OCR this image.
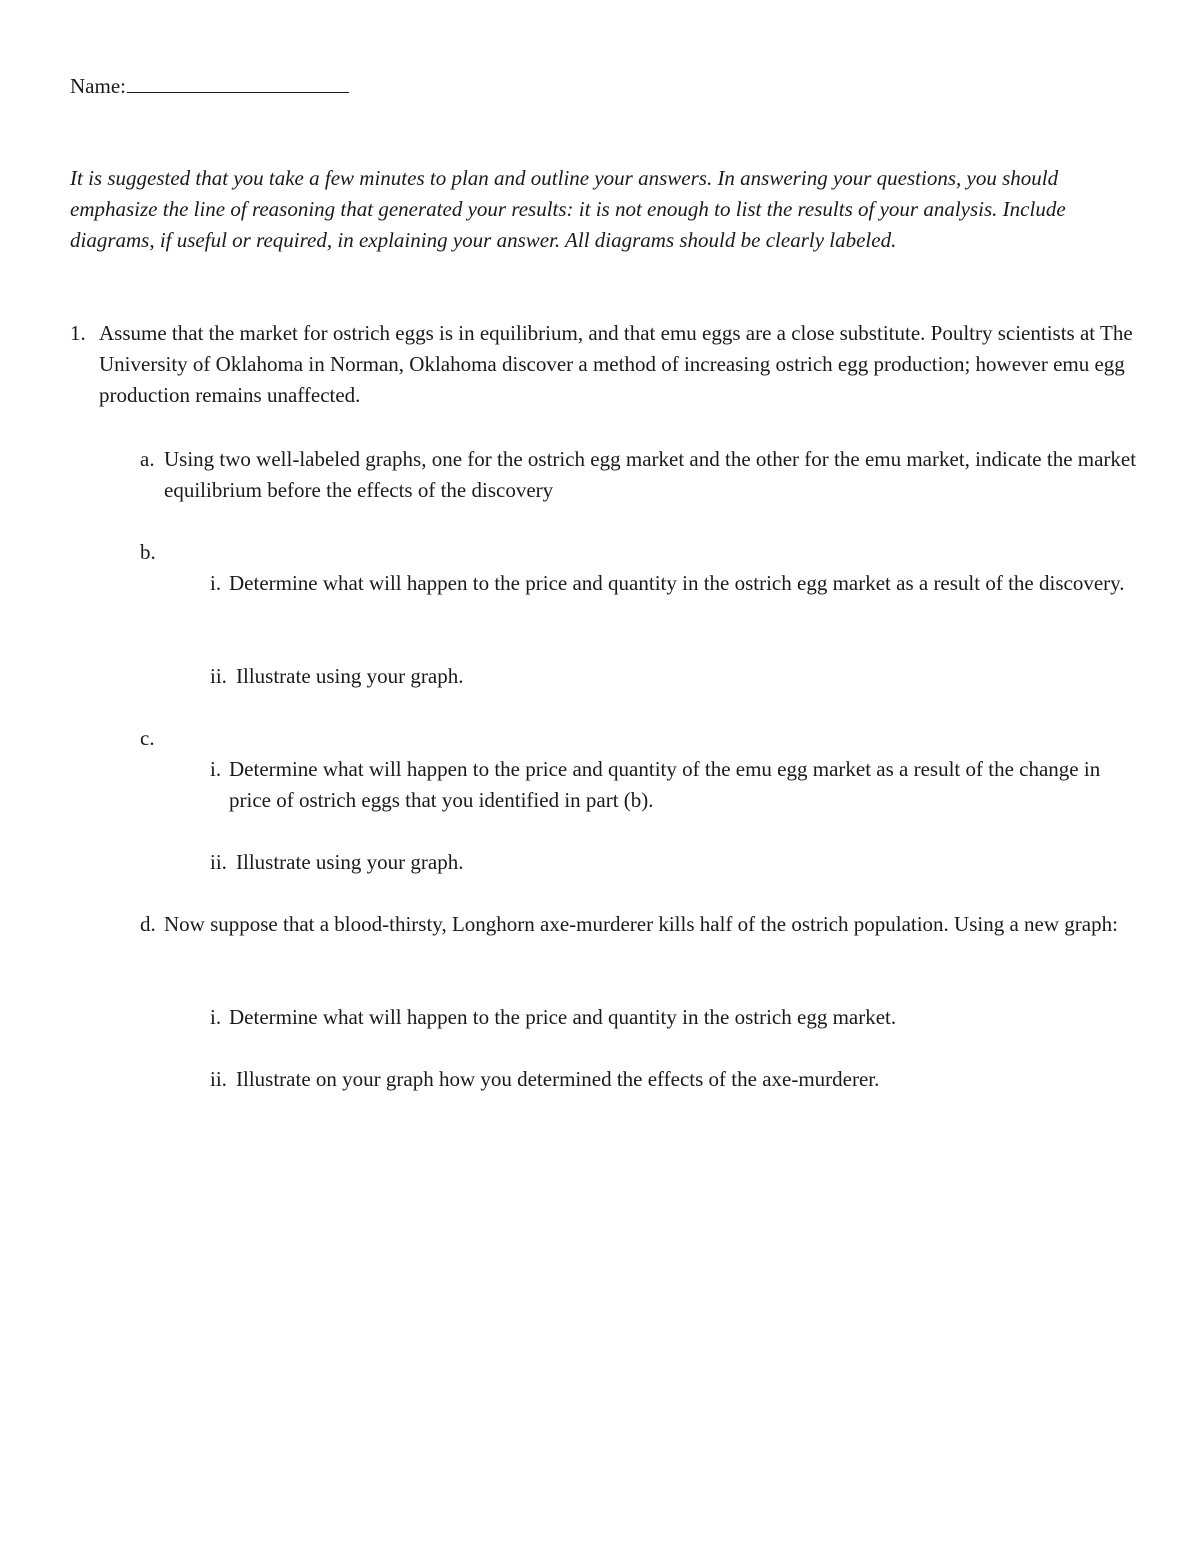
Name:

It is suggested that you take a few minutes to plan and outline your answers. In answering your questions, you should emphasize the line of reasoning that generated your results: it is not enough to list the results of your analysis. Include diagrams, if useful or required, in explaining your answer. All diagrams should be clearly labeled.

1. Assume that the market for ostrich eggs is in equilibrium, and that emu eggs are a close substitute. Poultry scientists at The University of Oklahoma in Norman, Oklahoma discover a method of increasing ostrich egg production; however emu egg production remains unaffected.

a. Using two well-labeled graphs, one for the ostrich egg market and the other for the emu market, indicate the market equilibrium before the effects of the discovery

b.
i. Determine what will happen to the price and quantity in the ostrich egg market as a result of the discovery.

ii. Illustrate using your graph.

c.
i. Determine what will happen to the price and quantity of the emu egg market as a result of the change in price of ostrich eggs that you identified in part (b).

ii. Illustrate using your graph.

d. Now suppose that a blood-thirsty, Longhorn axe-murderer kills half of the ostrich population. Using a new graph:

i. Determine what will happen to the price and quantity in the ostrich egg market.

ii. Illustrate on your graph how you determined the effects of the axe-murderer.
